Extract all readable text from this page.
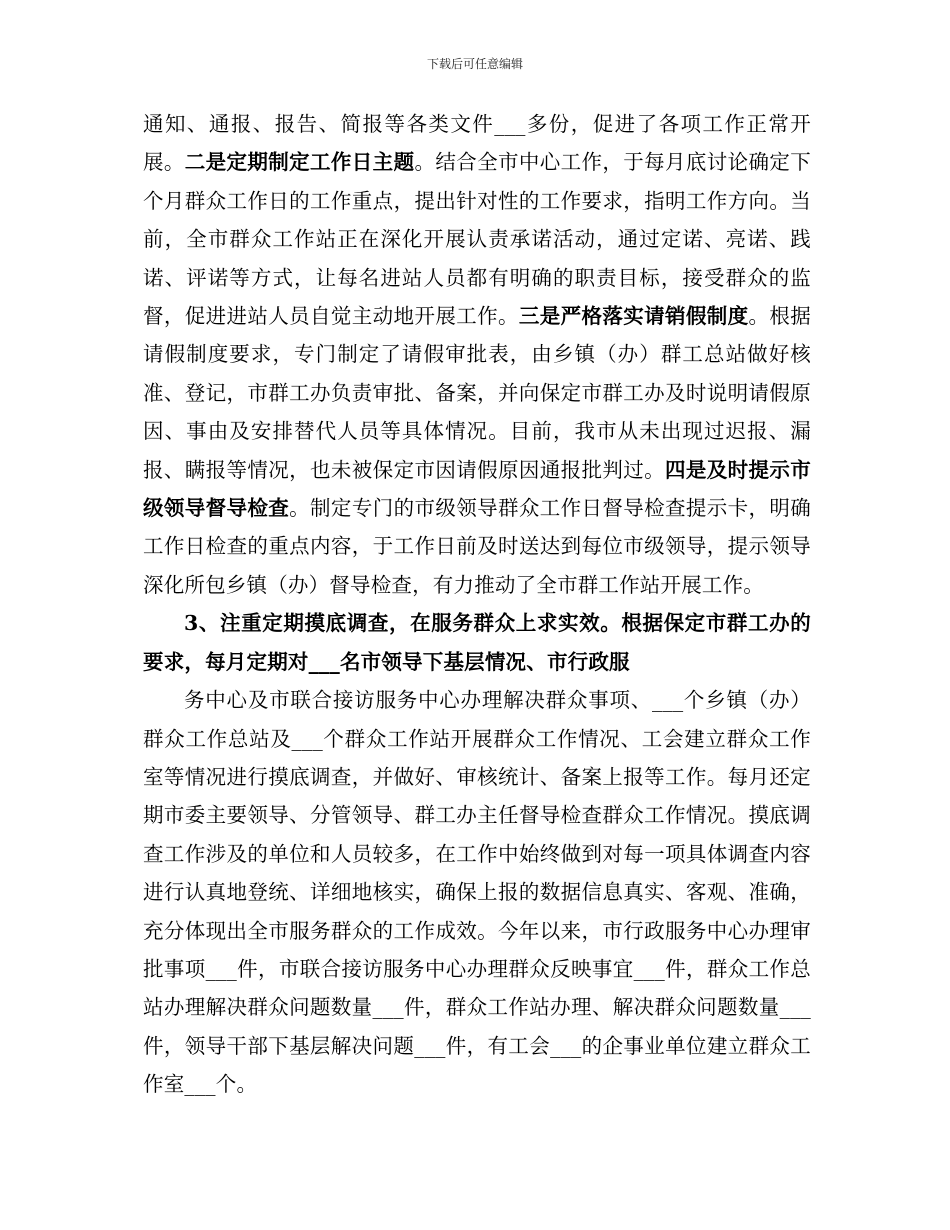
下载后可任意编辑

通知、通报、报告、简报等各类文件___多份，促进了各项工作正常开展。二是定期制定工作日主题。结合全市中心工作，于每月底讨论确定下个月群众工作日的工作重点，提出针对性的工作要求，指明工作方向。当前，全市群众工作站正在深化开展认责承诺活动，通过定诺、亮诺、践诺、评诺等方式，让每名进站人员都有明确的职责目标，接受群众的监督，促进进站人员自觉主动地开展工作。三是严格落实请销假制度。根据请假制度要求，专门制定了请假审批表，由乡镇（办）群工总站做好核准、登记，市群工办负责审批、备案，并向保定市群工办及时说明请假原因、事由及安排替代人员等具体情况。目前，我市从未出现过迟报、漏报、瞒报等情况，也未被保定市因请假原因通报批判过。四是及时提示市级领导督导检查。制定专门的市级领导群众工作日督导检查提示卡，明确工作日检查的重点内容，于工作日前及时送达到每位市级领导，提示领导深化所包乡镇（办）督导检查，有力推动了全市群工作站开展工作。

3、注重定期摸底调查，在服务群众上求实效。根据保定市群工办的要求，每月定期对___名市领导下基层情况、市行政服

务中心及市联合接访服务中心办理解决群众事项、___个乡镇（办）群众工作总站及___个群众工作站开展群众工作情况、工会建立群众工作室等情况进行摸底调查，并做好、审核统计、备案上报等工作。每月还定期市委主要领导、分管领导、群工办主任督导检查群众工作情况。摸底调查工作涉及的单位和人员较多，在工作中始终做到对每一项具体调查内容进行认真地登统、详细地核实，确保上报的数据信息真实、客观、准确，充分体现出全市服务群众的工作成效。今年以来，市行政服务中心办理审批事项___件，市联合接访服务中心办理群众反映事宜___件，群众工作总站办理解决群众问题数量___件，群众工作站办理、解决群众问题数量___件，领导干部下基层解决问题___件，有工会___的企事业单位建立群众工作室___个。
